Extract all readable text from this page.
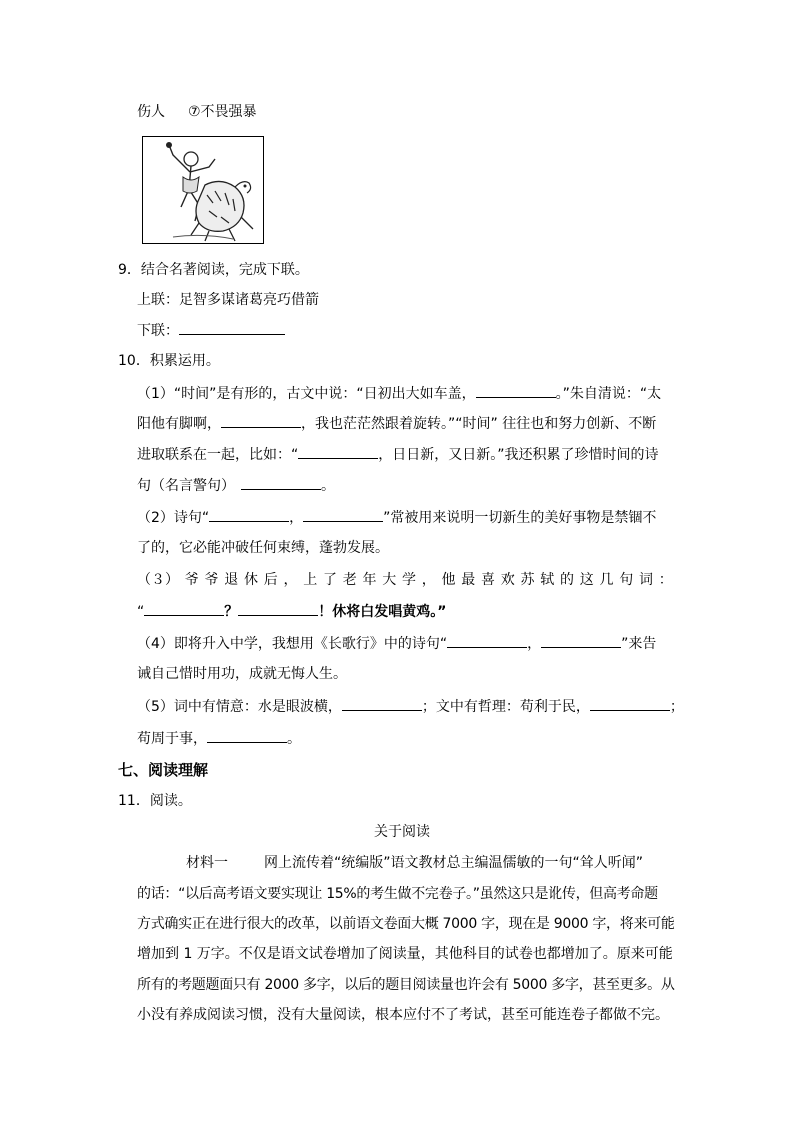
伤人 ⑦不畏强暴
9．结合名著阅读，完成下联。
上联：足智多谋诸葛亮巧借箭
下联：
10．积累运用。
（1）“时间”是有形的，古文中说：“日初出大如车盖，	。”朱自清说：“太
阳他有脚啊，	，我也茫茫然跟着旋转。”“时间” 往往也和努力创新、不断
进取联系在一起，比如：“	，日日新，又日新。”我还积累了珍惜时间的诗
句（名言警句）	。
（2）诗句“	，	”常被用来说明一切新生的美好事物是禁锢不
了的，它必能冲破任何束缚，蓬勃发展。
（３） 爷 爷 退 休 后 ， 上 了 老 年 大 学 ， 他 最 喜 欢 苏 轼 的 这 几 句 词 ：
“	？	！休将白发唱黄鸡。”
（4）即将升入中学，我想用《长歌行》中的诗句“	，	”来告
诫自己惜时用功，成就无悔人生。
（5）词中有情意：水是眼波横，	；文中有哲理：苟利于民，	；
苟周于事，	。
七、阅读理解
11．阅读。
关于阅读
材料一	网上流传着“统编版”语文教材总主编温儒敏的一句“耸人听闻”
的话：“以后高考语文要实现让 15%的考生做不完卷子。”虽然这只是讹传，但高考命题
方式确实正在进行很大的改革，以前语文卷面大概 7000 字，现在是 9000 字，将来可能
增加到 1 万字。不仅是语文试卷增加了阅读量，其他科目的试卷也都增加了。原来可能
所有的考题题面只有 2000 多字，以后的题目阅读量也许会有 5000 多字，甚至更多。从
小没有养成阅读习惯，没有大量阅读，根本应付不了考试，甚至可能连卷子都做不完。
